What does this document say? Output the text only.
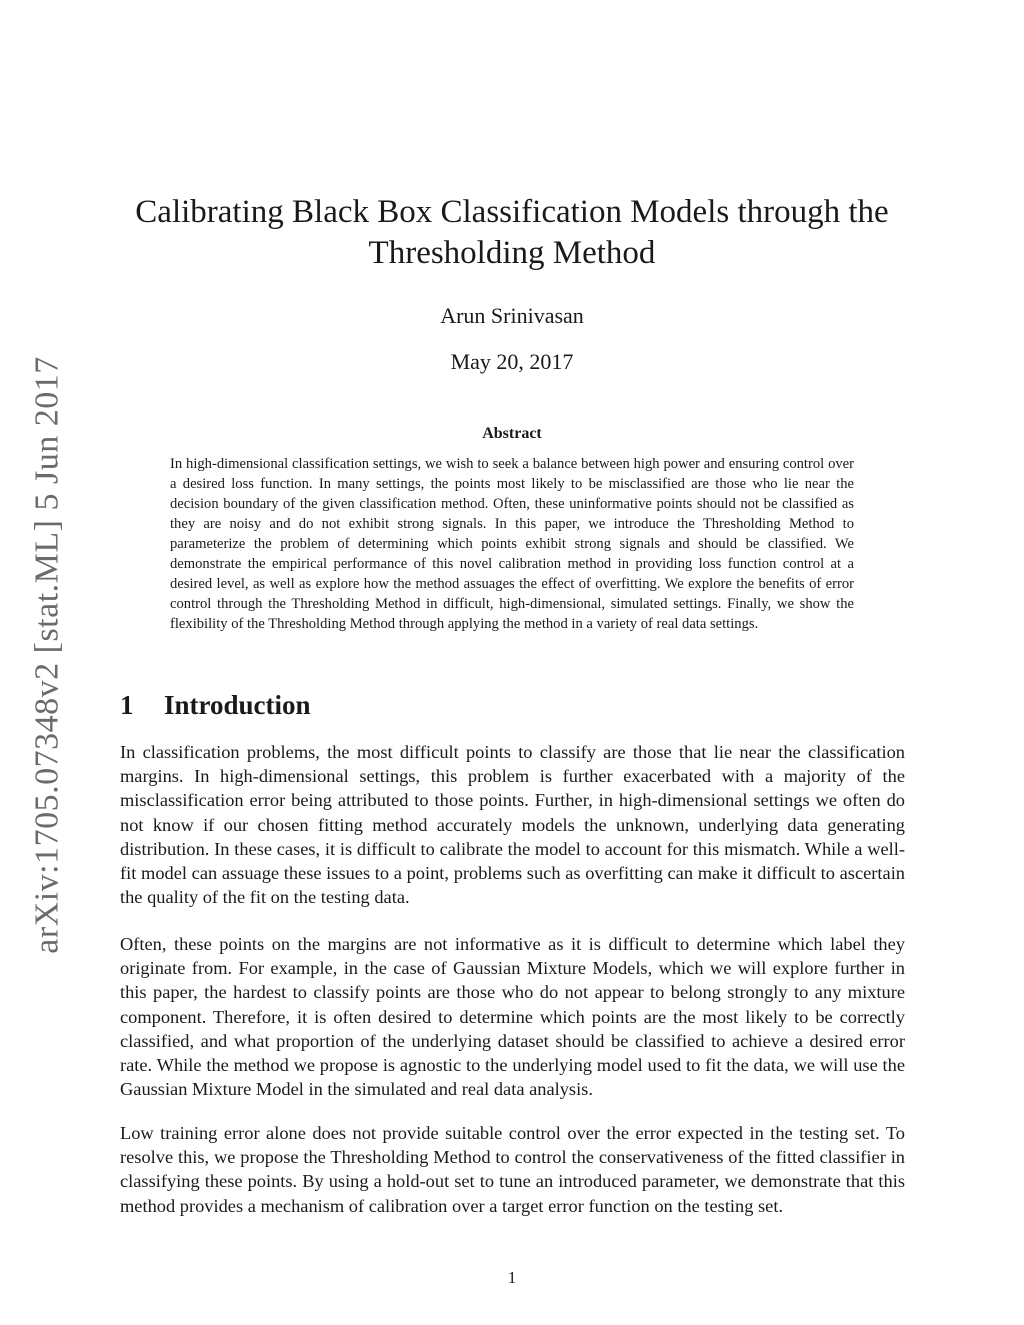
arXiv:1705.07348v2 [stat.ML] 5 Jun 2017
Calibrating Black Box Classification Models through the Thresholding Method
Arun Srinivasan
May 20, 2017
Abstract

In high-dimensional classification settings, we wish to seek a balance between high power and ensuring control over a desired loss function. In many settings, the points most likely to be misclassified are those who lie near the decision boundary of the given classification method. Often, these uninformative points should not be classified as they are noisy and do not exhibit strong signals. In this paper, we introduce the Thresholding Method to parameterize the problem of determining which points exhibit strong signals and should be classified. We demonstrate the empirical performance of this novel calibration method in providing loss function control at a desired level, as well as explore how the method assuages the effect of overfitting. We explore the benefits of error control through the Thresholding Method in difficult, high-dimensional, simulated settings. Finally, we show the flexibility of the Thresholding Method through applying the method in a variety of real data settings.

1 Introduction

In classification problems, the most difficult points to classify are those that lie near the classification margins. In high-dimensional settings, this problem is further exacerbated with a majority of the misclassification error being attributed to those points. Further, in high-dimensional settings we often do not know if our chosen fitting method accurately models the unknown, underlying data generating distribution. In these cases, it is difficult to calibrate the model to account for this mismatch. While a well-fit model can assuage these issues to a point, problems such as overfitting can make it difficult to ascertain the quality of the fit on the testing data.

Often, these points on the margins are not informative as it is difficult to determine which label they originate from. For example, in the case of Gaussian Mixture Models, which we will explore further in this paper, the hardest to classify points are those who do not appear to belong strongly to any mixture component. Therefore, it is often desired to determine which points are the most likely to be correctly classified, and what proportion of the underlying dataset should be classified to achieve a desired error rate. While the method we propose is agnostic to the underlying model used to fit the data, we will use the Gaussian Mixture Model in the simulated and real data analysis.

Low training error alone does not provide suitable control over the error expected in the testing set. To resolve this, we propose the Thresholding Method to control the conservativeness of the fitted classifier in classifying these points. By using a hold-out set to tune an introduced parameter, we demonstrate that this method provides a mechanism of calibration over a target error function on the testing set.

1
